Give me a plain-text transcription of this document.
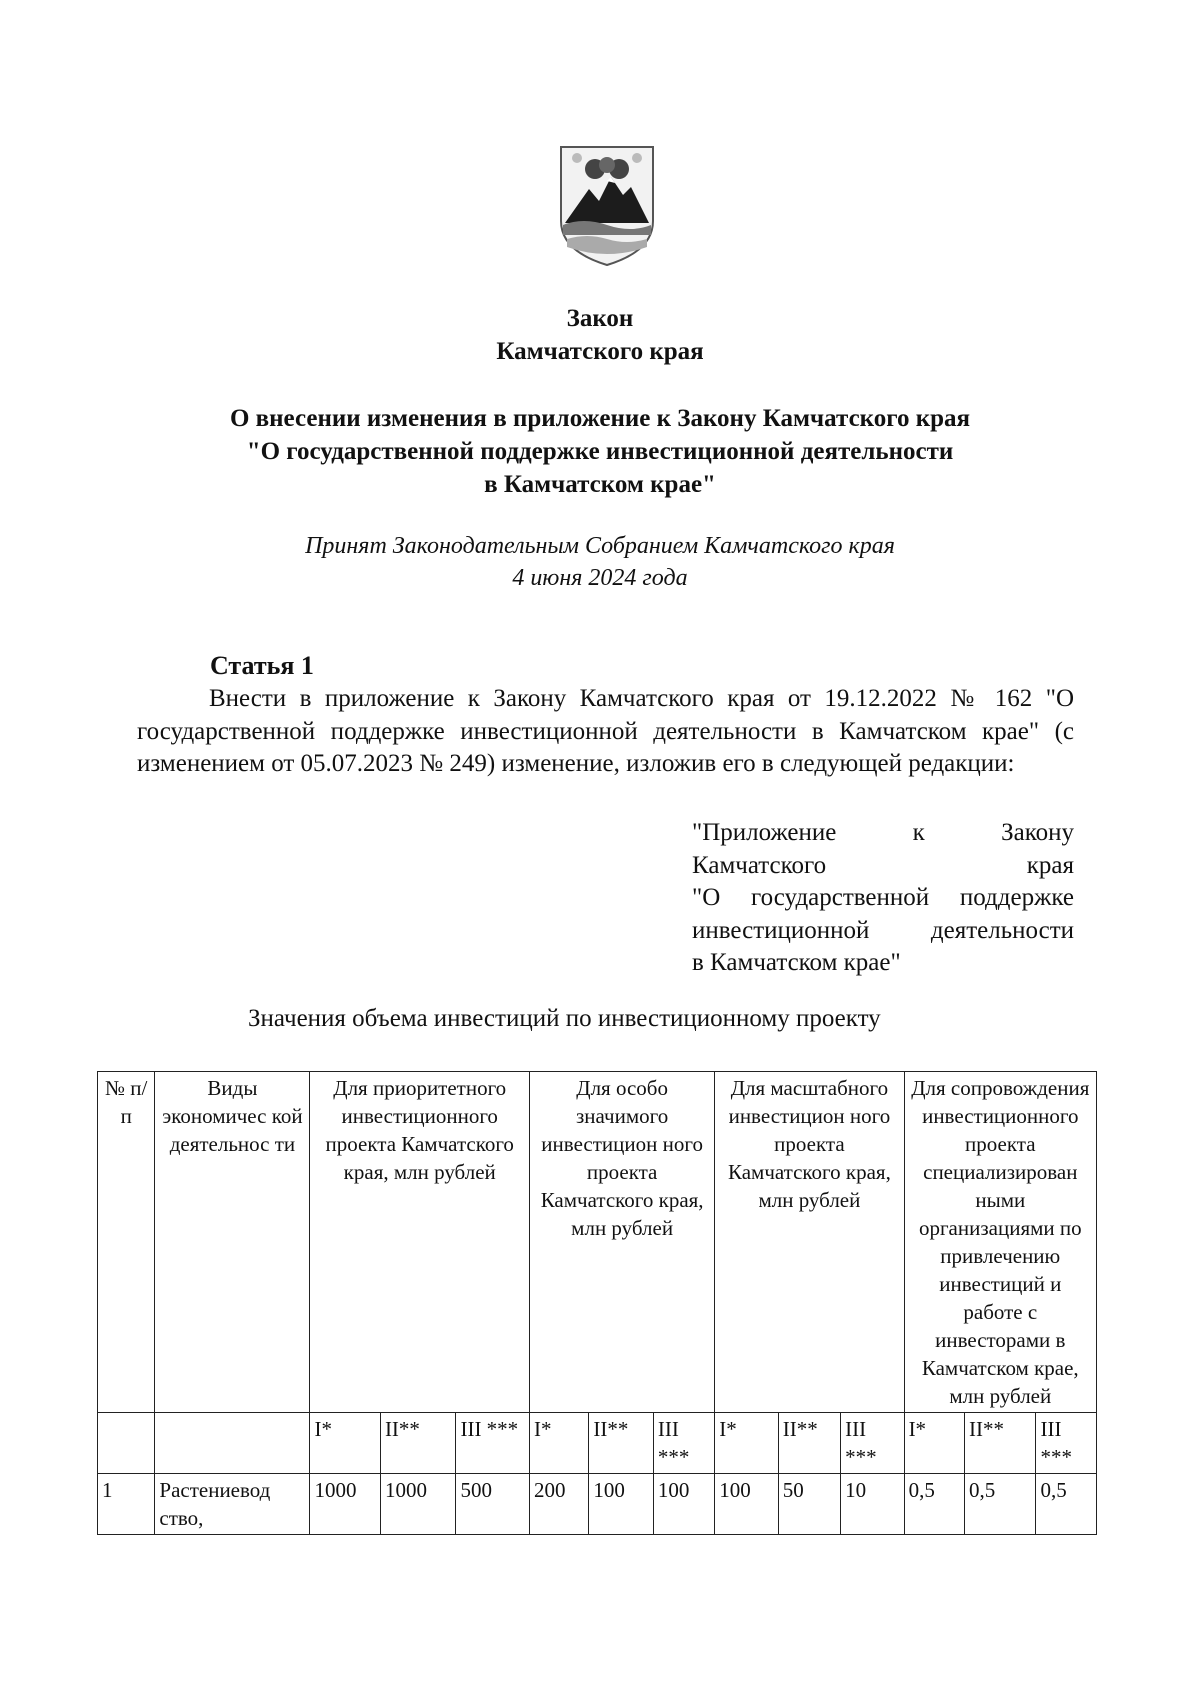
Закон
Камчатского края
О внесении изменения в приложение к Закону Камчатского края
"О государственной поддержке инвестиционной деятельности
в Камчатском крае"
Принят Законодательным Собранием Камчатского края
4 июня 2024 года
Статья 1
Внести в приложение к Закону Камчатского края от 19.12.2022 № 162 "О государственной поддержке инвестиционной деятельности в Камчатском крае" (с изменением от 05.07.2023 № 249) изменение, изложив его в следующей редакции:
"Приложение к Закону
Камчатского края
"О государственной поддержке
инвестиционной деятельности
в Камчатском крае"
Значения объема инвестиций по инвестиционному проекту
№ п/п	Виды экономичес кой деятельнос ти	Для приоритетного инвестиционного проекта Камчатского края, млн рублей			Для особо значимого инвестицион ного проекта Камчатского края, млн рублей			Для масштабного инвестицион ного проекта Камчатского края, млн рублей			Для сопровождения инвестиционного проекта специализирован ными организациями по привлечению инвестиций и работе с инвесторами в Камчатском крае, млн рублей		
		I*	II**	III ***	I*	II**	III ***	I*	II**	III ***	I*	II**	III ***
1	Растениевод ство,	1000	1000	500	200	100	100	100	50	10	0,5	0,5	0,5
